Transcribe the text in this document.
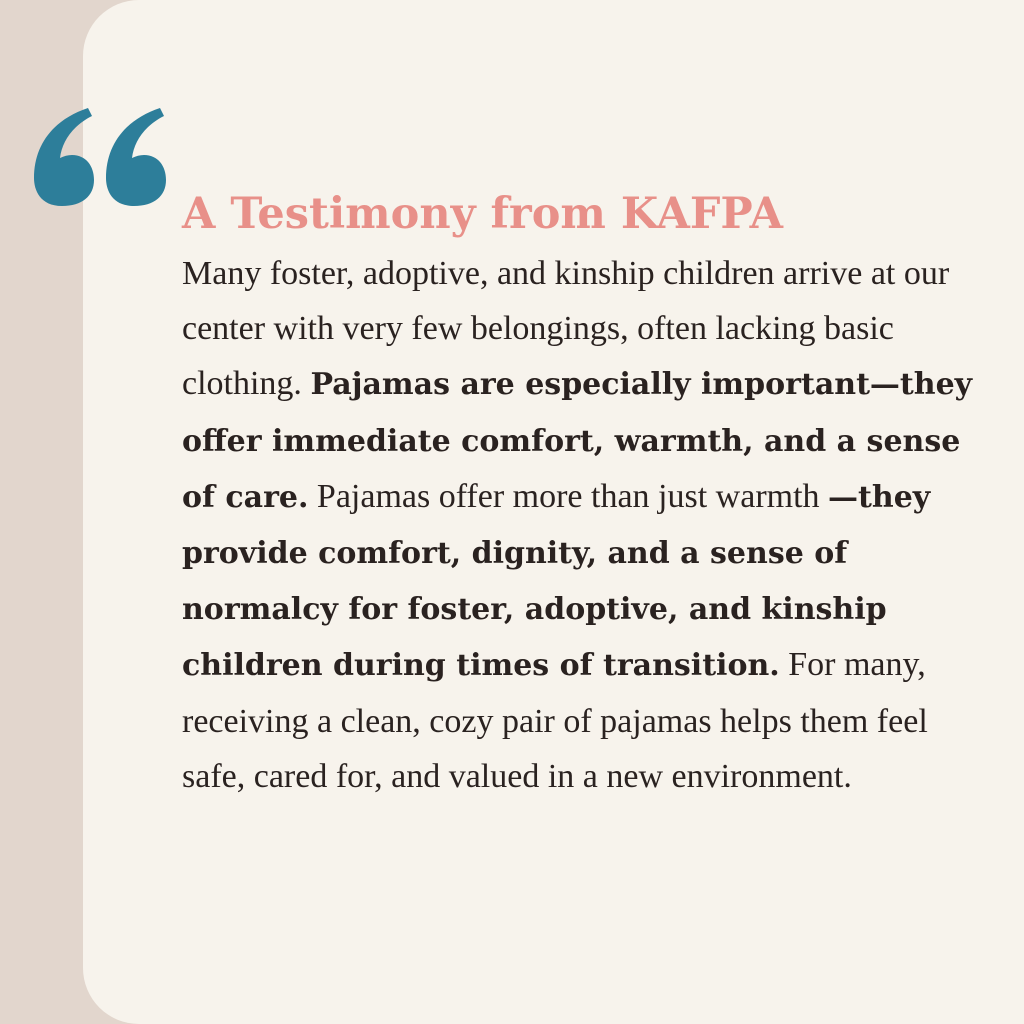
A Testimony from KAFPA

Many foster, adoptive, and kinship children arrive at our center with very few belongings, often lacking basic clothing. Pajamas are especially important—they offer immediate comfort, warmth, and a sense of care. Pajamas offer more than just warmth —they provide comfort, dignity, and a sense of normalcy for foster, adoptive, and kinship children during times of transition. For many, receiving a clean, cozy pair of pajamas helps them feel safe, cared for, and valued in a new environment.
